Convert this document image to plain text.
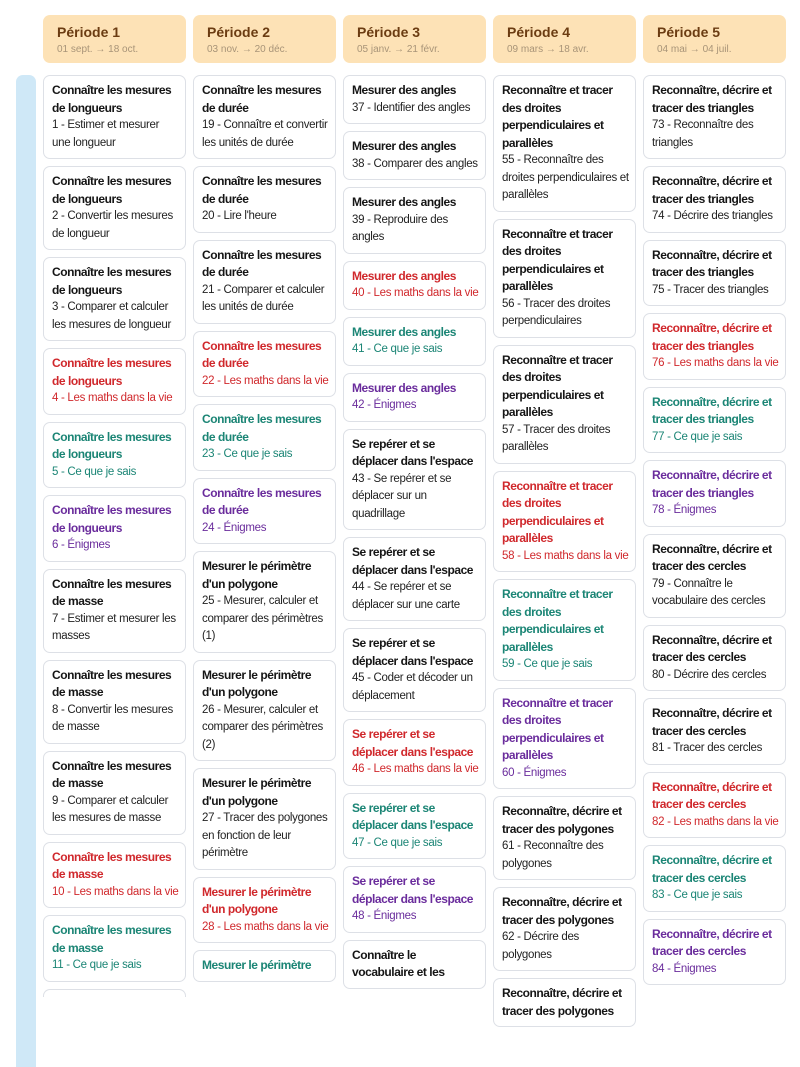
Période 1
01 sept. → 18 oct.
Connaître les mesures de longueurs
1 - Estimer et mesurer une longueur
Connaître les mesures de longueurs
2 - Convertir les mesures de longueur
Connaître les mesures de longueurs
3 - Comparer et calculer les mesures de longueur
Connaître les mesures de longueurs
4 - Les maths dans la vie
Connaître les mesures de longueurs
5 - Ce que je sais
Connaître les mesures de longueurs
6 - Énigmes
Connaître les mesures de masse
7 - Estimer et mesurer les masses
Connaître les mesures de masse
8 - Convertir les mesures de masse
Connaître les mesures de masse
9 - Comparer et calculer les mesures de masse
Connaître les mesures de masse
10 - Les maths dans la vie
Connaître les mesures de masse
11 - Ce que je sais
Période 2
03 nov. → 20 déc.
Connaître les mesures de durée
19 - Connaître et convertir les unités de durée
Connaître les mesures de durée
20 - Lire l'heure
Connaître les mesures de durée
21 - Comparer et calculer les unités de durée
Connaître les mesures de durée
22 - Les maths dans la vie
Connaître les mesures de durée
23 - Ce que je sais
Connaître les mesures de durée
24 - Énigmes
Mesurer le périmètre d'un polygone
25 - Mesurer, calculer et comparer des périmètres (1)
Mesurer le périmètre d'un polygone
26 - Mesurer, calculer et comparer des périmètres (2)
Mesurer le périmètre d'un polygone
27 - Tracer des polygones en fonction de leur périmètre
Mesurer le périmètre d'un polygone
28 - Les maths dans la vie
Mesurer le périmètre
Période 3
05 janv. → 21 févr.
Mesurer des angles
37 - Identifier des angles
Mesurer des angles
38 - Comparer des angles
Mesurer des angles
39 - Reproduire des angles
Mesurer des angles
40 - Les maths dans la vie
Mesurer des angles
41 - Ce que je sais
Mesurer des angles
42 - Énigmes
Se repérer et se déplacer dans l'espace
43 - Se repérer et se déplacer sur un quadrillage
Se repérer et se déplacer dans l'espace
44 - Se repérer et se déplacer sur une carte
Se repérer et se déplacer dans l'espace
45 - Coder et décoder un déplacement
Se repérer et se déplacer dans l'espace
46 - Les maths dans la vie
Se repérer et se déplacer dans l'espace
47 - Ce que je sais
Se repérer et se déplacer dans l'espace
48 - Énigmes
Connaître le vocabulaire et les
Période 4
09 mars → 18 avr.
Reconnaître et tracer des droites perpendiculaires et parallèles
55 - Reconnaître des droites perpendiculaires et parallèles
Reconnaître et tracer des droites perpendiculaires et parallèles
56 - Tracer des droites perpendiculaires
Reconnaître et tracer des droites perpendiculaires et parallèles
57 - Tracer des droites parallèles
Reconnaître et tracer des droites perpendiculaires et parallèles
58 - Les maths dans la vie
Reconnaître et tracer des droites perpendiculaires et parallèles
59 - Ce que je sais
Reconnaître et tracer des droites perpendiculaires et parallèles
60 - Énigmes
Reconnaître, décrire et tracer des polygones
61 - Reconnaître des polygones
Reconnaître, décrire et tracer des polygones
62 - Décrire des polygones
Reconnaître, décrire et tracer des polygones
Période 5
04 mai → 04 juil.
Reconnaître, décrire et tracer des triangles
73 - Reconnaître des triangles
Reconnaître, décrire et tracer des triangles
74 - Décrire des triangles
Reconnaître, décrire et tracer des triangles
75 - Tracer des triangles
Reconnaître, décrire et tracer des triangles
76 - Les maths dans la vie
Reconnaître, décrire et tracer des triangles
77 - Ce que je sais
Reconnaître, décrire et tracer des triangles
78 - Énigmes
Reconnaître, décrire et tracer des cercles
79 - Connaître le vocabulaire des cercles
Reconnaître, décrire et tracer des cercles
80 - Décrire des cercles
Reconnaître, décrire et tracer des cercles
81 - Tracer des cercles
Reconnaître, décrire et tracer des cercles
82 - Les maths dans la vie
Reconnaître, décrire et tracer des cercles
83 - Ce que je sais
Reconnaître, décrire et tracer des cercles
84 - Énigmes
